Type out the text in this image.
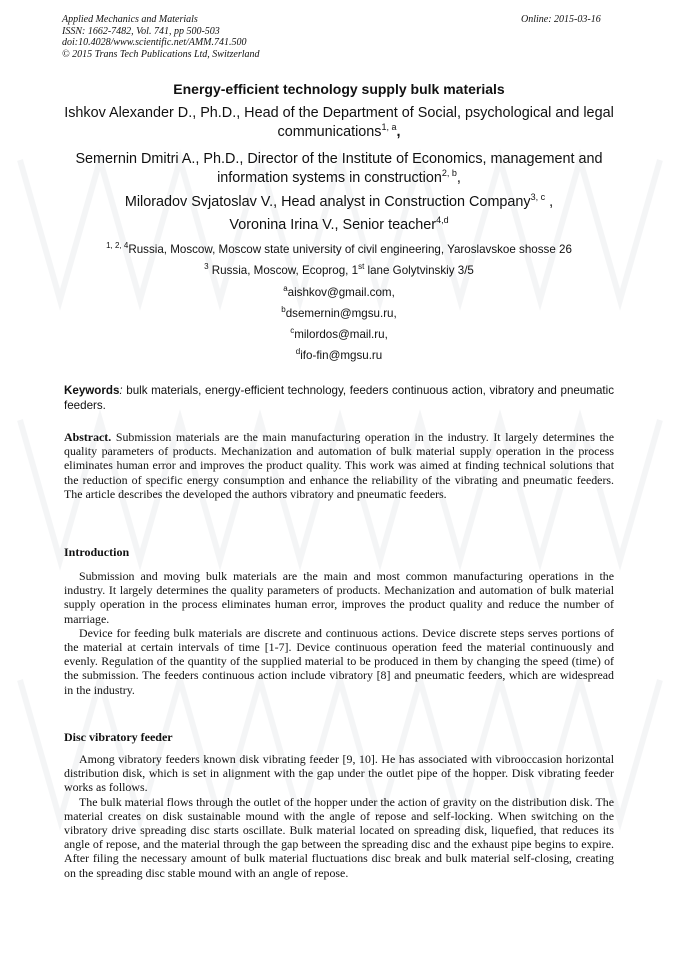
Applied Mechanics and Materials
ISSN: 1662-7482, Vol. 741, pp 500-503
doi:10.4028/www.scientific.net/AMM.741.500
© 2015 Trans Tech Publications Ltd, Switzerland
Online: 2015-03-16
Energy-efficient technology supply bulk materials
Ishkov Alexander D., Ph.D., Head of the Department of Social, psychological and legal communications$^{1, a}$,
Semernin Dmitri A., Ph.D., Director of the Institute of Economics, management and information systems in construction$^{2, b}$,
Miloradov Svjatoslav V., Head analyst in Construction Company$^{3, c}$ ,
Voronina Irina V., Senior teacher$^{4,d}$
$^{1, 2, 4}$Russia, Moscow, Moscow state university of civil engineering, Yaroslavskoe shosse 26
$^3$ Russia, Moscow, Ecoprog, 1st lane Golytvinskiy 3/5
$^a$aishkov@gmail.com,
$^b$dsemernin@mgsu.ru,
$^c$milordos@mail.ru,
$^d$ifo-fin@mgsu.ru
Keywords: bulk materials, energy-efficient technology, feeders continuous action, vibratory and pneumatic feeders.
Abstract. Submission materials are the main manufacturing operation in the industry. It largely determines the quality parameters of products. Mechanization and automation of bulk material supply operation in the process eliminates human error and improves the product quality. This work was aimed at finding technical solutions that the reduction of specific energy consumption and enhance the reliability of the vibrating and pneumatic feeders. The article describes the developed the authors vibratory and pneumatic feeders.
Introduction

Submission and moving bulk materials are the main and most common manufacturing operations in the industry. It largely determines the quality parameters of products. Mechanization and automation of bulk material supply operation in the process eliminates human error, improves the product quality and reduce the number of marriage.

Device for feeding bulk materials are discrete and continuous actions. Device discrete steps serves portions of the material at certain intervals of time [1-7]. Device continuous operation feed the material continuously and evenly. Regulation of the quantity of the supplied material to be produced in them by changing the speed (time) of the submission. The feeders continuous action include vibratory [8] and pneumatic feeders, which are widespread in the industry.

Disc vibratory feeder

Among vibratory feeders known disk vibrating feeder [9, 10]. He has associated with vibrooccasion horizontal distribution disk, which is set in alignment with the gap under the outlet pipe of the hopper. Disk vibrating feeder works as follows.

The bulk material flows through the outlet of the hopper under the action of gravity on the distribution disk. The material creates on disk sustainable mound with the angle of repose and self-locking. When switching on the vibratory drive spreading disc starts oscillate. Bulk material located on spreading disk, liquefied, that reduces its angle of repose, and the material through the gap between the spreading disc and the exhaust pipe begins to expire. After filing the necessary amount of bulk material fluctuations disc break and bulk material self-closing, creating on the spreading disc stable mound with an angle of repose.
